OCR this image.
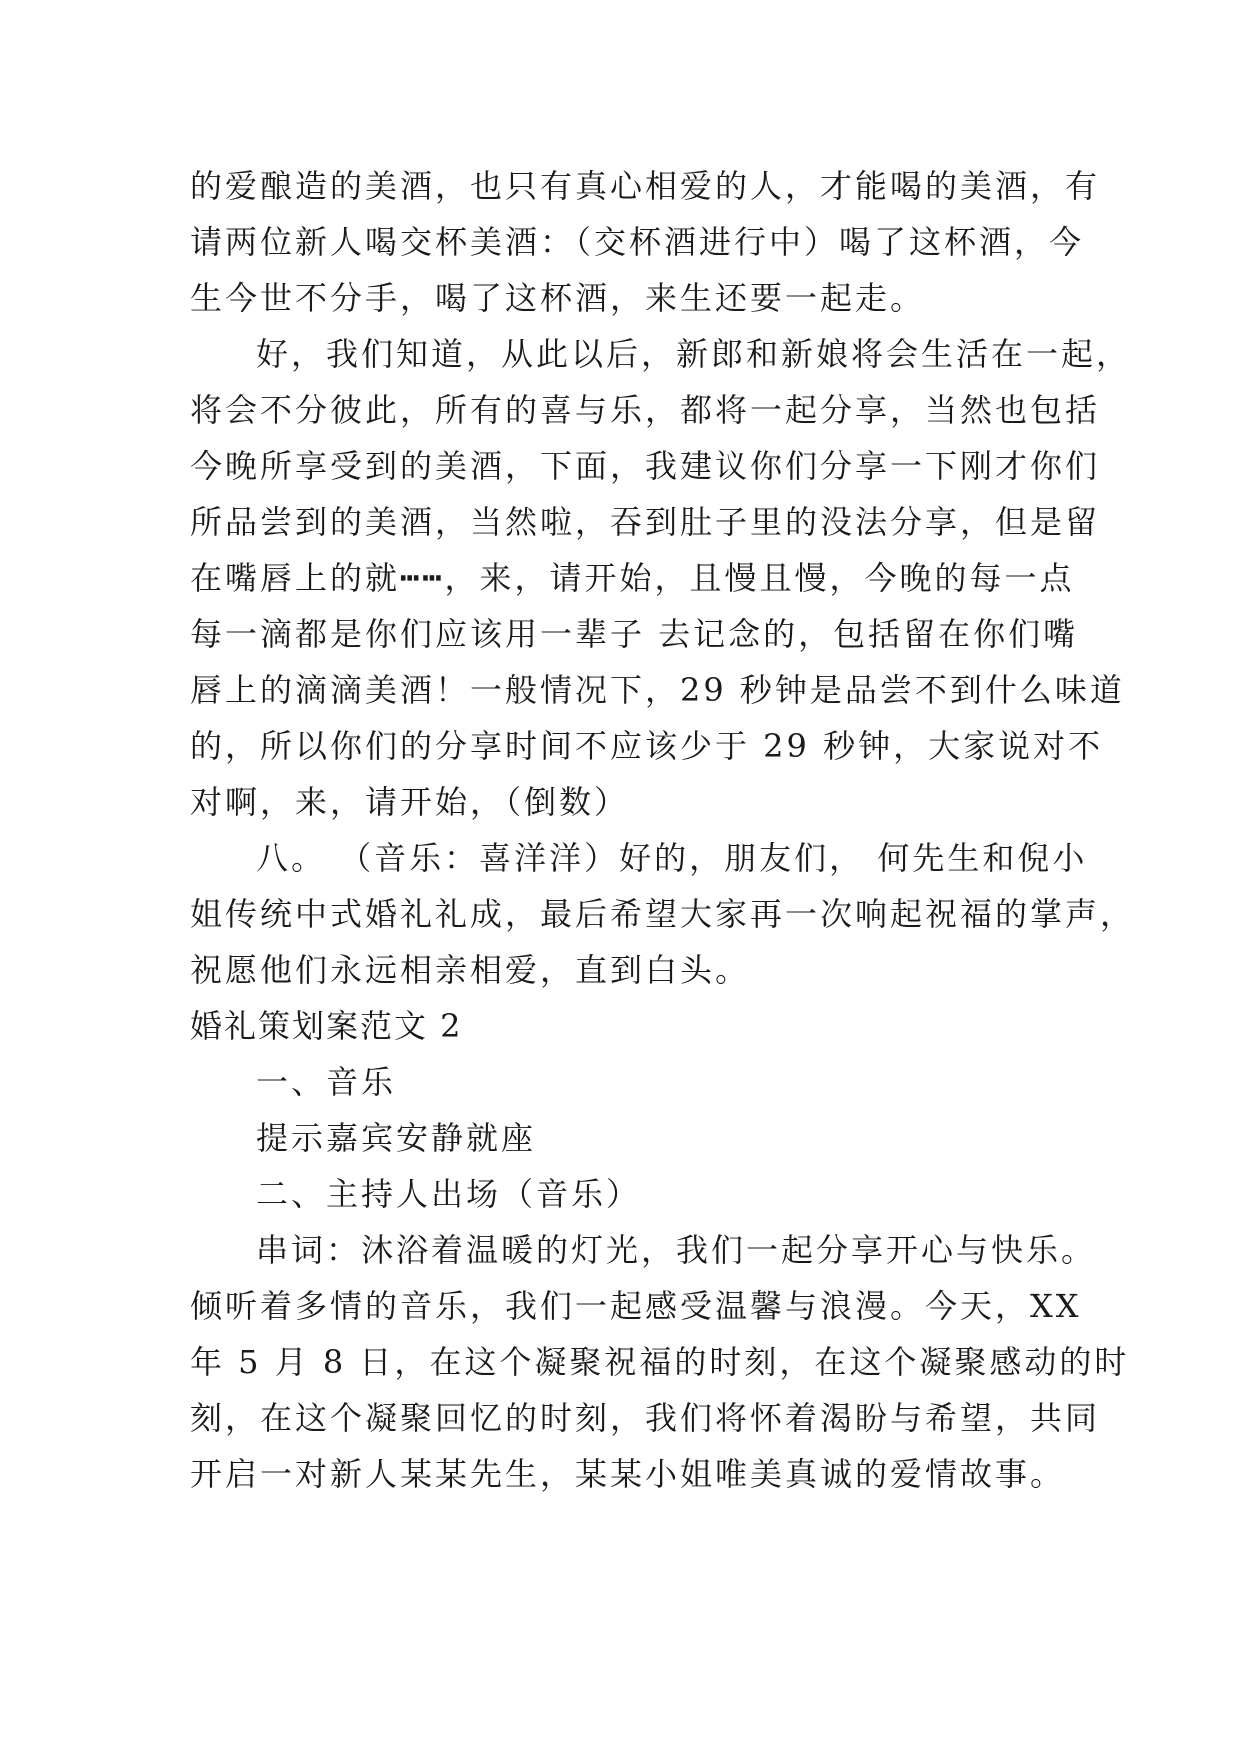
的爱酿造的美酒，也只有真心相爱的人，才能喝的美酒，有
请两位新人喝交杯美酒：（交杯酒进行中）喝了这杯酒，今
生今世不分手，喝了这杯酒，来生还要一起走。
好，我们知道，从此以后，新郎和新娘将会生活在一起，
将会不分彼此，所有的喜与乐，都将一起分享，当然也包括
今晚所享受到的美酒，下面，我建议你们分享一下刚才你们
所品尝到的美酒，当然啦，吞到肚子里的没法分享，但是留
在嘴唇上的就┅┅，来，请开始，且慢且慢，今晚的每一点
每一滴都是你们应该用一辈子 去记念的，包括留在你们嘴
唇上的滴滴美酒！一般情况下，29 秒钟是品尝不到什么味道
的，所以你们的分享时间不应该少于 29 秒钟，大家说对不
对啊，来，请开始，（倒数）
八。 （音乐：喜洋洋）好的，朋友们， 何先生和倪小
姐传统中式婚礼礼成，最后希望大家再一次响起祝福的掌声，
祝愿他们永远相亲相爱，直到白头。
婚礼策划案范文 2
一、音乐
提示嘉宾安静就座
二、主持人出场（音乐）
串词：沐浴着温暖的灯光，我们一起分享开心与快乐。
倾听着多情的音乐，我们一起感受温馨与浪漫。今天，XX
年 5 月 8 日，在这个凝聚祝福的时刻，在这个凝聚感动的时
刻，在这个凝聚回忆的时刻，我们将怀着渴盼与希望，共同
开启一对新人某某先生，某某小姐唯美真诚的爱情故事。
